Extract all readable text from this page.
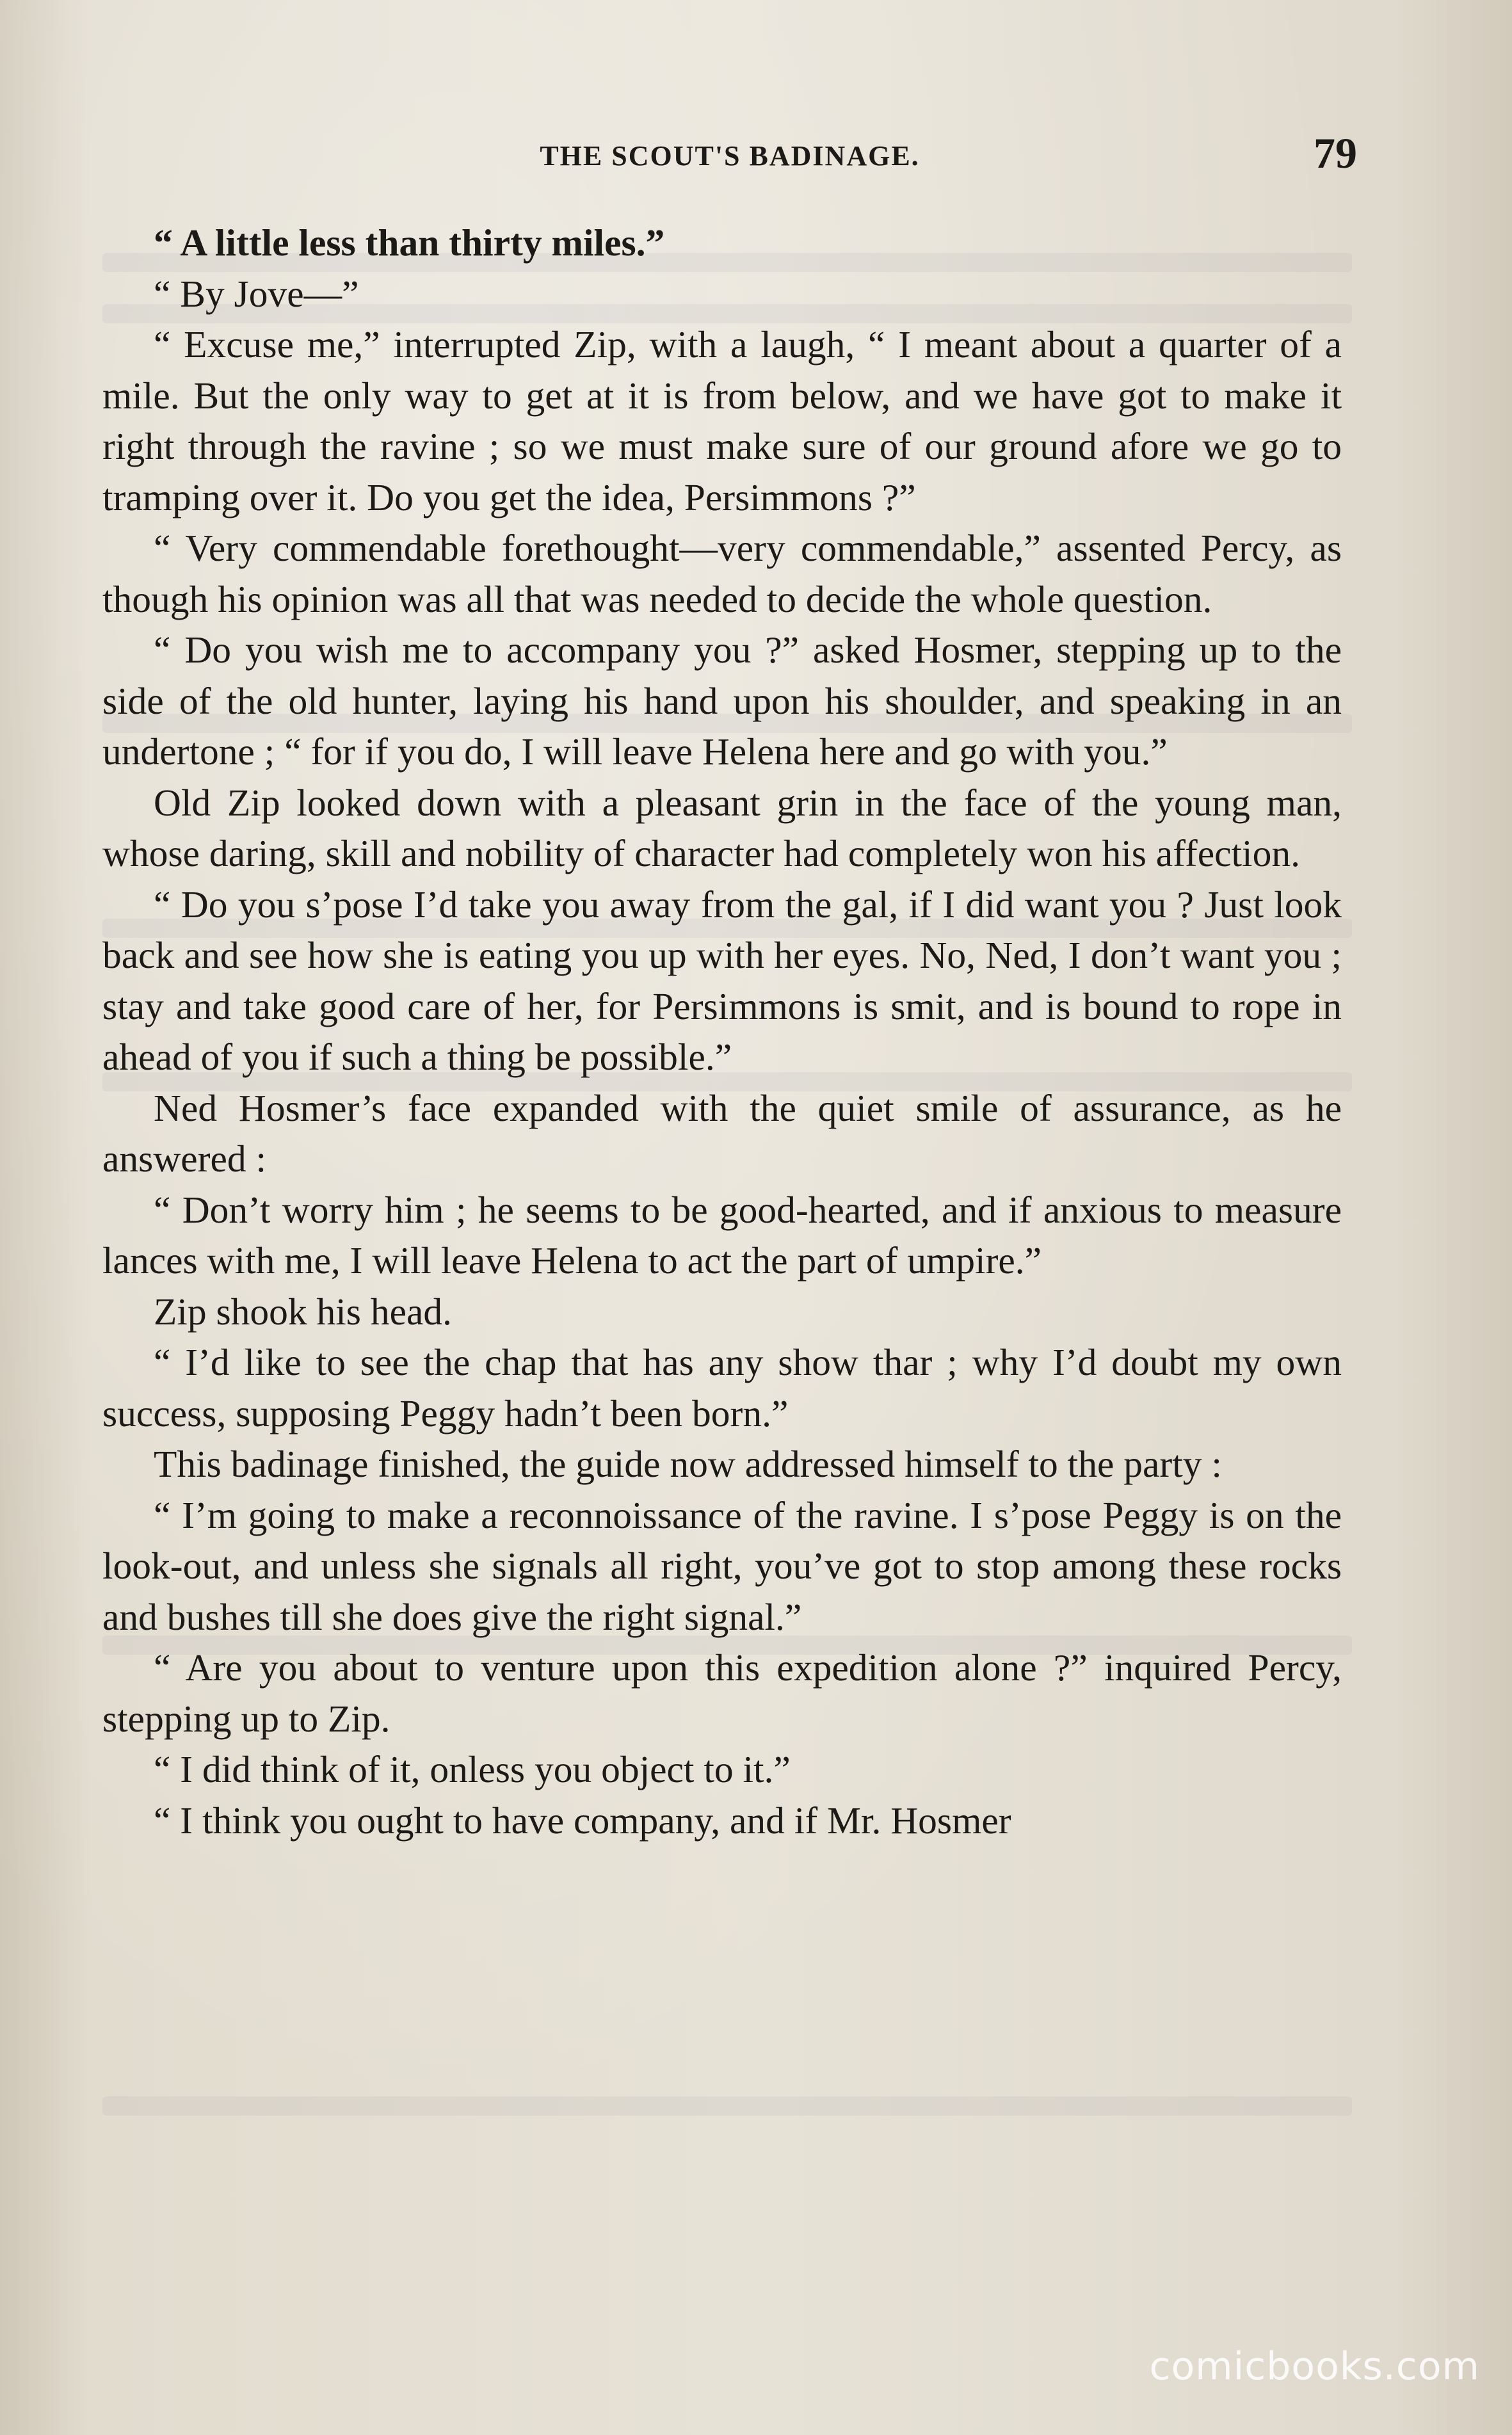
THE SCOUT'S BADINAGE.	79

“ A little less than thirty miles.”

“ By Jove—”

“ Excuse me,” interrupted Zip, with a laugh, “ I meant about a quarter of a mile. But the only way to get at it is from below, and we have got to make it right through the ravine ; so we must make sure of our ground afore we go to tramping over it. Do you get the idea, Persimmons ?”

“ Very commendable forethought—very commendable,” assented Percy, as though his opinion was all that was needed to decide the whole question.

“ Do you wish me to accompany you ?” asked Hosmer, stepping up to the side of the old hunter, laying his hand upon his shoulder, and speaking in an undertone ; “ for if you do, I will leave Helena here and go with you.”

Old Zip looked down with a pleasant grin in the face of the young man, whose daring, skill and nobility of character had completely won his affection.

“ Do you s’pose I’d take you away from the gal, if I did want you ? Just look back and see how she is eating you up with her eyes. No, Ned, I don’t want you ; stay and take good care of her, for Persimmons is smit, and is bound to rope in ahead of you if such a thing be possible.”

Ned Hosmer’s face expanded with the quiet smile of assurance, as he answered :

“ Don’t worry him ; he seems to be good-hearted, and if anxious to measure lances with me, I will leave Helena to act the part of umpire.”

Zip shook his head.

“ I’d like to see the chap that has any show thar ; why I’d doubt my own success, supposing Peggy hadn’t been born.”

This badinage finished, the guide now addressed himself to the party :

“ I’m going to make a reconnoissance of the ravine. I s’pose Peggy is on the look-out, and unless she signals all right, you’ve got to stop among these rocks and bushes till she does give the right signal.”

“ Are you about to venture upon this expedition alone ?” inquired Percy, stepping up to Zip.

“ I did think of it, onless you object to it.”

“ I think you ought to have company, and if Mr. Hosmer

comicbooks.com
